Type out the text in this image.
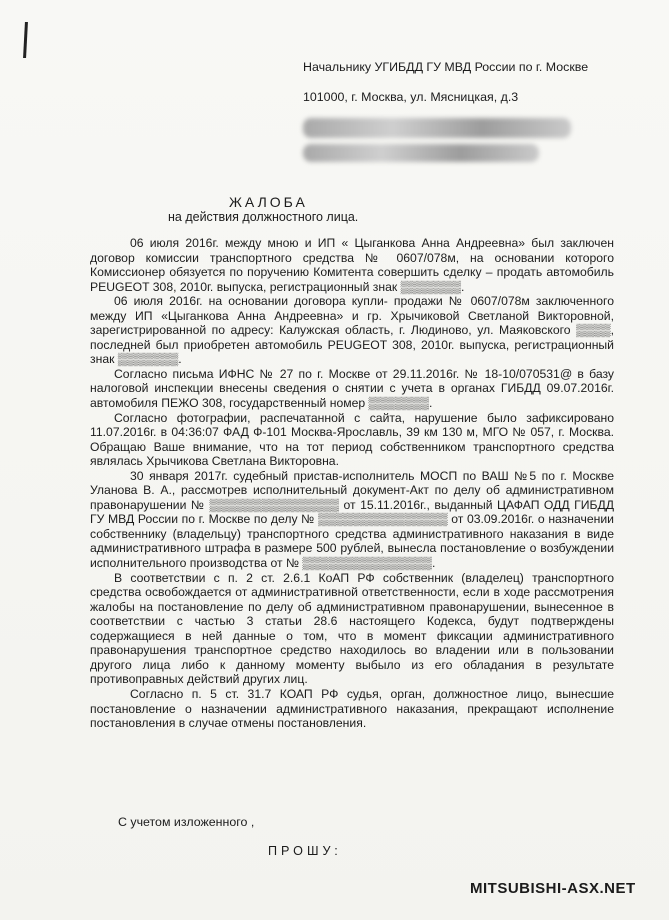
Начальнику УГИБДД ГУ МВД России по г. Москве
101000, г. Москва, ул. Мясницкая, д.3
ЖАЛОБА
на действия должностного лица.

06 июля 2016г. между мною и ИП « Цыганкова Анна Андреевна» был заключен договор комиссии транспортного средства № 0607/078м, на основании которого Комиссионер обязуется по поручению Комитента совершить сделку – продать автомобиль PEUGEOT 308, 2010г. выпуска, регистрационный знак ▒▒▒▒▒▒▒.

06 июля 2016г. на основании договора купли- продажи № 0607/078м заключенного между ИП «Цыганкова Анна Андреевна» и гр. Хрычиковой Светланой Викторовной, зарегистрированной по адресу: Калужская область, г. Людиново, ул. Маяковского ▒▒▒▒, последней был приобретен автомобиль PEUGEOT 308, 2010г. выпуска, регистрационный знак ▒▒▒▒▒▒▒.

Согласно письма ИФНС № 27 по г. Москве от 29.11.2016г. № 18-10/070531@ в базу налоговой инспекции внесены сведения о снятии с учета в органах ГИБДД 09.07.2016г. автомобиля ПЕЖО 308, государственный номер ▒▒▒▒▒▒▒.

Согласно фотографии, распечатанной с сайта, нарушение было зафиксировано 11.07.2016г. в 04:36:07 ФАД Ф-101 Москва-Ярославль, 39 км 130 м, МГО № 057, г. Москва. Обращаю Ваше внимание, что на тот период собственником транспортного средства являлась Хрычикова Светлана Викторовна.

30 января 2017г. судебный пристав-исполнитель МОСП по ВАШ №5 по г. Москве Уланова В. А., рассмотрев исполнительный документ-Акт по делу об административном правонарушении № ▒▒▒▒▒▒▒▒▒▒▒▒▒▒▒ от 15.11.2016г., выданный ЦАФАП ОДД ГИБДД ГУ МВД России по г. Москве по делу № ▒▒▒▒▒▒▒▒▒▒▒▒▒▒▒ от 03.09.2016г. о назначении собственнику (владельцу) транспортного средства административного наказания в виде административного штрафа в размере 500 рублей, вынесла постановление о возбуждении исполнительного производства от № ▒▒▒▒▒▒▒▒▒▒▒▒▒▒▒.

В соответствии с п. 2 ст. 2.6.1 КоАП РФ собственник (владелец) транспортного средства освобождается от административной ответственности, если в ходе рассмотрения жалобы на постановление по делу об административном правонарушении, вынесенное в соответствии с частью 3 статьи 28.6 настоящего Кодекса, будут подтверждены содержащиеся в ней данные о том, что в момент фиксации административного правонарушения транспортное средство находилось во владении или в пользовании другого лица либо к данному моменту выбыло из его обладания в результате противоправных действий других лиц.

Согласно п. 5 ст. 31.7 КОАП РФ судья, орган, должностное лицо, вынесшие постановление о назначении административного наказания, прекращают исполнение постановления в случае отмены постановления.

С учетом изложенного ,
ПРОШУ:
MITSUBISHI-ASX.NET
